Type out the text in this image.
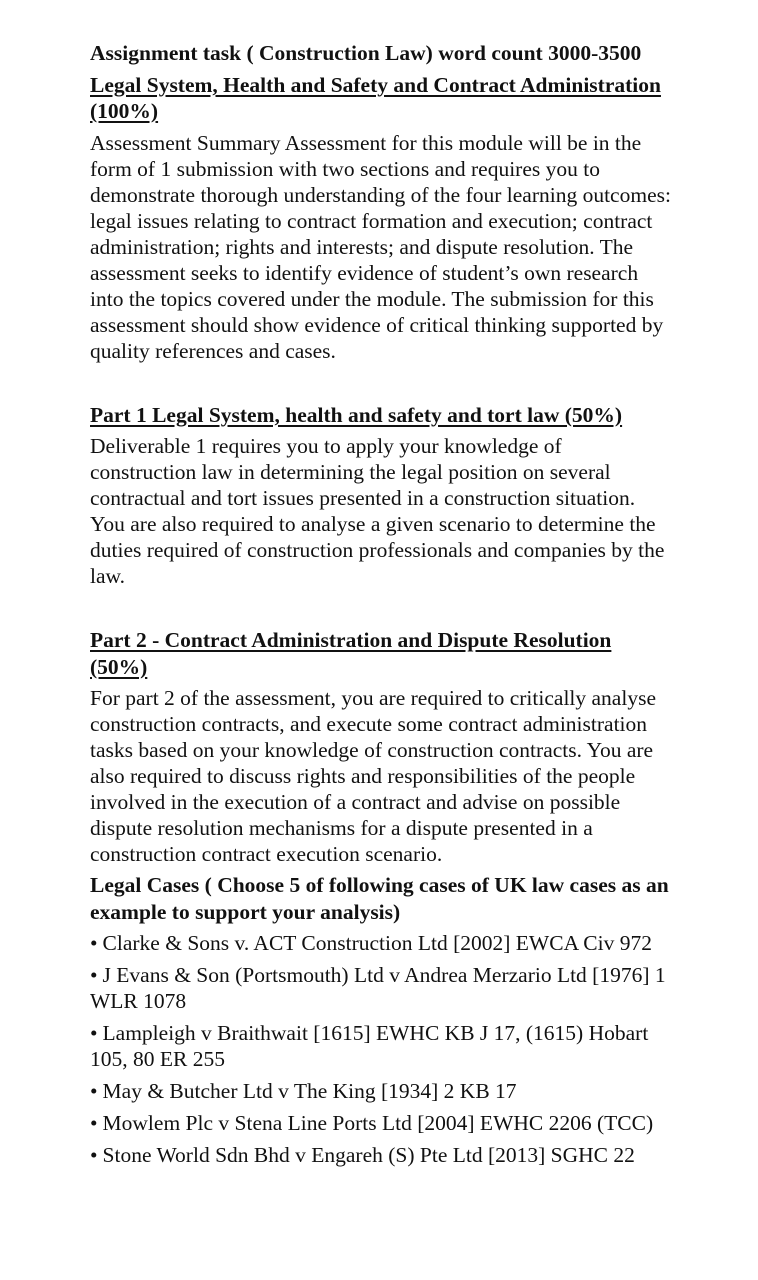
Assignment task ( Construction Law) word count 3000-3500

Legal System, Health and Safety and Contract Administration (100%)

Assessment Summary Assessment for this module will be in the form of 1 submission with two sections and requires you to demonstrate thorough understanding of the four learning outcomes: legal issues relating to contract formation and execution; contract administration; rights and interests; and dispute resolution. The assessment seeks to identify evidence of student’s own research into the topics covered under the module. The submission for this assessment should show evidence of critical thinking supported by quality references and cases.

Part 1 Legal System, health and safety and tort law (50%)

Deliverable 1 requires you to apply your knowledge of construction law in determining the legal position on several contractual and tort issues presented in a construction situation. You are also required to analyse a given scenario to determine the duties required of construction professionals and companies by the law.

Part 2 - Contract Administration and Dispute Resolution (50%)

For part 2 of the assessment, you are required to critically analyse construction contracts, and execute some contract administration tasks based on your knowledge of construction contracts. You are also required to discuss rights and responsibilities of the people involved in the execution of a contract and advise on possible dispute resolution mechanisms for a dispute presented in a construction contract execution scenario.

Legal Cases ( Choose 5 of following cases of UK law cases as an example to support your analysis)

• Clarke & Sons v. ACT Construction Ltd [2002] EWCA Civ 972
• J Evans & Son (Portsmouth) Ltd v Andrea Merzario Ltd [1976] 1 WLR 1078
• Lampleigh v Braithwait [1615] EWHC KB J 17, (1615) Hobart 105, 80 ER 255
• May & Butcher Ltd v The King [1934] 2 KB 17
• Mowlem Plc v Stena Line Ports Ltd [2004] EWHC 2206 (TCC)
• Stone World Sdn Bhd v Engareh (S) Pte Ltd [2013] SGHC 22
